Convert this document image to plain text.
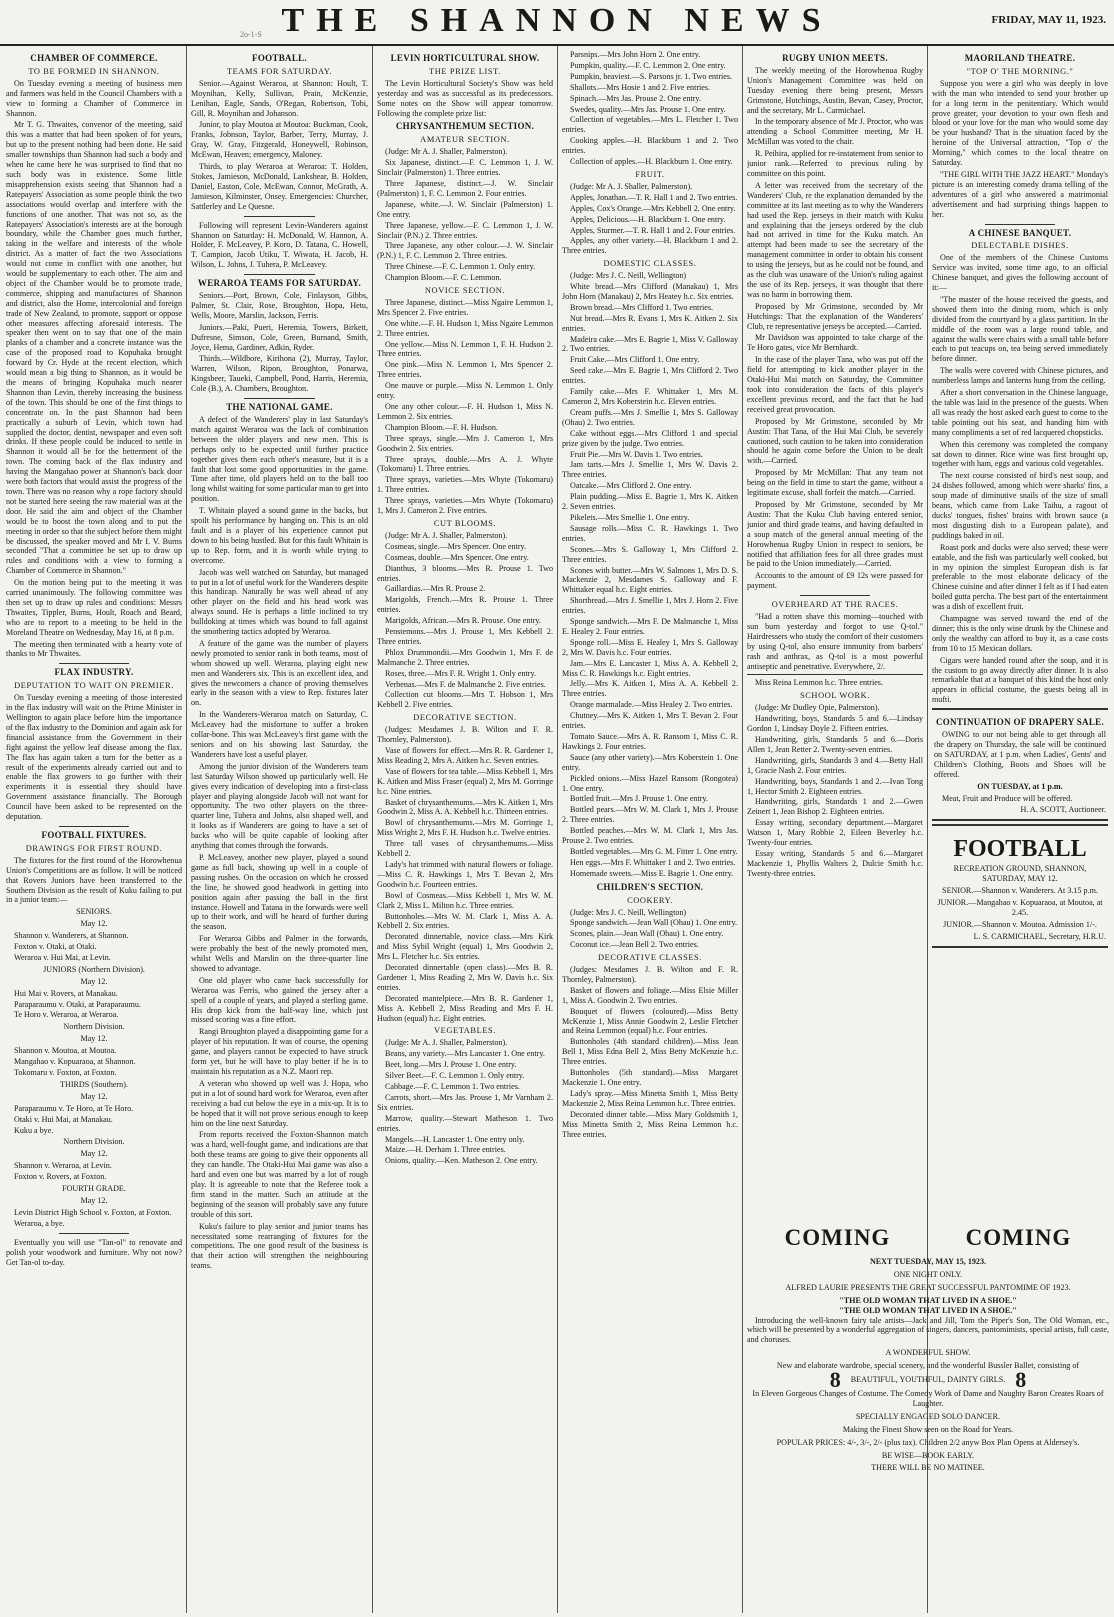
THE SHANNON NEWS	FRIDAY, MAY 11, 1923.
2o-1-S
CHAMBER OF COMMERCE.
TO BE FORMED IN SHANNON.

On Tuesday evening a meeting of business men and farmers was held in the Council Chambers with a view to forming a Chamber of Commerce in Shannon.

Mr T. G. Thwaites, convenor of the meeting, said this was a matter that had been spoken of for years, but up to the present nothing had been done. He said smaller townships than Shannon had such a body and when he came here he was surprised to find that no such body was in existence. Some little misapprehension exists seeing that Shannon had a Ratepayers' Association as some people think the two associations would overlap and interfere with the functions of one another. That was not so, as the Ratepayers' Association's interests are at the borough boundary, while the Chamber goes much further, taking in the welfare and interests of the whole district. As a matter of fact the two Associations would not come in conflict with one another, but would be supplementary to each other. The aim and object of the Chamber would be to promote trade, commerce, shipping and manufactures of Shannon and district, also the Home, intercolonial and foreign trade of New Zealand, to promote, support or oppose other measures affecting aforesaid interests. The speaker then went on to say that one of the main planks of a chamber and a concrete instance was the case of the proposed road to Kopuhaka brought forward by Cr. Hyde at the recent election, which would mean a big thing to Shannon, as it would be the means of bringing Kopuhaka much nearer Shannon than Levin, thereby increasing the business of the town. This should be one of the first things to concentrate on. In the past Shannon had been practically a suburb of Levin, which town had supplied the doctor, dentist, newspaper and even soft drinks. If these people could be induced to settle in Shannon it would all be for the betterment of the town. The coming back of the flax industry and having the Mangahao power at Shannon's back door were both factors that would assist the progress of the town. There was no reason why a rope factory should not be started here seeing the raw material was at the door. He said the aim and object of the Chamber would be to boost the town along and to put the meeting in order so that the subject before them might be discussed, the speaker moved and Mr I. V. Burns seconded "That a committee be set up to draw up rules and conditions with a view to forming a Chamber of Commerce in Shannon."

On the motion being put to the meeting it was carried unanimously. The following committee was then set up to draw up rules and conditions: Messrs Thwaites, Tippler, Burns, Hoult, Roach and Beard, who are to report to a meeting to be held in the Moreland Theatre on Wednesday, May 16, at 8 p.m.

The meeting then terminated with a hearty vote of thanks to Mr Thwaites.

FLAX INDUSTRY.
DEPUTATION TO WAIT ON PREMIER.

On Tuesday evening a meeting of those interested in the flax industry will wait on the Prime Minister in Wellington to again place before him the importance of the flax industry to the Dominion and again ask for financial assistance from the Government in their fight against the yellow leaf disease among the flax. The flax has again taken a turn for the better as a result of the experiments already carried out and to enable the flax growers to go further with their experiments it is essential they should have Government assistance financially. The Borough Council have been asked to be represented on the deputation.

FOOTBALL FIXTURES.
DRAWINGS FOR FIRST ROUND.

The fixtures for the first round of the Horowhenua Union's Competitions are as follow. It will be noticed that Rovers Juniors have been transferred to the Southern Division as the result of Kuku failing to put in a junior team:—

SENIORS.
May 12.
Shannon v. Wanderers, at Shannon.
Foxton v. Otaki, at Otaki.
Weraroa v. Hui Mai, at Levin.
JUNIORS (Northern Division).
May 12.
Hui Mai v. Rovers, at Manakau.
Paraparaumu v. Otaki, at Paraparaumu.
Te Horo v. Weraroa, at Weraroa.
Northern Division.
May 12.
Shannon v. Moutoa, at Moutoa.
Mangahao v. Kopuaraoa, at Shannon.
Tokomaru v. Foxton, at Foxton.
THIRDS (Southern).
May 12.
Paraparaumu v. Te Horo, at Te Horo.
Otaki v. Hui Mai, at Manakau.
Kuku a bye.
Northern Division.
May 12.
Shannon v. Weraroa, at Levin.
Foxton v. Rovers, at Foxton.
FOURTH GRADE.
May 12.
Levin District High School v. Foxton, at Foxton.
Weraroa, a bye.

Eventually you will use "Tan-ol" to renovate and polish your woodwork and furniture. Why not now? Get Tan-ol to-day.

FOOTBALL.
TEAMS FOR SATURDAY.

Senior.—Against Weraroa, at Shannon: Hoult, T. Moynihan, Kelly, Sullivan, Prain, McKenzie, Lenihan, Eagle, Sands, O'Regan, Robertson, Tobi, Gill, R. Moynihan and Johanson.

Junior, to play Moutoa at Moutoa: Buckman, Cook, Franks, Jobnson, Taylor, Barber, Terry, Murray, J. Gray, W. Gray, Fitzgerald, Honeywell, Robinson, McEwan, Heaven; emergency, Maloney.

Thirds, to play Weraroa at Weraroa: T. Holden, Stokes, Jamieson, McDonald, Lankshear, B. Holden, Daniel, Easton, Cole, McEwan, Connor, McGrath, A. Jamieson, Kilminster, Onsey. Emergencies: Churcher, Sattlerley and Le Quesne.

Following will represent Levin-Wanderers against Shannon on Saturday: H. McDonald, W. Hannon, A. Holder, F. McLeavey, P. Koro, D. Tatana, C. Howell, T. Campion, Jacob Utiku, T. Wiwata, H. Jacob, H. Wilson, L. Johns, J. Tuhera, P. McLeavey.

WERAROA TEAMS FOR SATURDAY.

Seniors.—Port, Brown, Cole, Finlayson, Gibbs, Palmer, St. Clair, Rose, Broughton, Hopa, Hetu, Wells, Moore, Marslin, Jackson, Ferris.

Juniors.—Paki, Pueri, Heremia, Towers, Birkett, Dufresne, Simson, Cole, Green, Burnand, Smith, Joyce, Hema, Gardiner, Adkin, Ryder.

Thirds.—Wildbore, Kirihona (2), Murray, Taylor, Warren, Wilson, Ripon, Broughton, Ponarwa, Kingsbeer, Taueki, Campbell, Pond, Harris, Heremia, Cole (B.), A. Chambers, Broughton.

THE NATIONAL GAME.

A defect of the Wanderers' play in last Saturday's match against Weraroa was the lack of combination between the older players and new men. This is perhaps only to be expected until further practice together gives them each other's measure, but it is a fault that lost some good opportunities in the game. Time after time, old players held on to the ball too long whilst waiting for some particular man to get into position.

T. Whitain played a sound game in the backs, but spoilt his performance by hanging on. This is an old fault and is a player of his experience cannot put down to his being hustled. But for this fault Whitain is up to Rep. form, and it is worth while trying to overcome.

Jacob was well watched on Saturday, but managed to put in a lot of useful work for the Wanderers despite this handicap. Naturally he was well ahead of any other player on the field and his head work was always sound. He is perhaps a little inclined to try bulldoking at times which was bound to fall against the smothering tactics adopted by Weraroa.

A feature of the game was the number of players newly promoted to senior rank in both teams, most of whom showed up well. Weraroa, playing eight new men and Wanderers six. This is an excellent idea, and gives the newcomers a chance of proving themselves early in the season with a view to Rep. fixtures later on.

In the Wanderers-Weraroa match on Saturday, C. McLeavey had the misfortune to suffer a broken collar-bone. This was McLeavey's first game with the seniors and on his showing last Saturday, the Wanderers have lost a useful player.

Among the junior division of the Wanderers team last Saturday Wilson showed up particularly well. He gives every indication of developing into a first-class player and playing alongside Jacob will not want for opportunity. The two other players on the three-quarter line, Tuhera and Johns, also shaped well, and it looks as if Wanderers are going to have a set of backs who will be quite capable of looking after anything that comes through the forwards.

P. McLeavey, another new player, played a sound game as full back, showing up well in a couple of passing rushes. On the occasion on which he crossed the line, he showed good headwork in getting into position again after passing the ball in the first instance. Howell and Tatana in the forwards were well up to their work, and will be heard of further during the season.

For Weraroa Gibbs and Palmer in the forwards, were probably the best of the newly promoted men, whilst Wells and Marslin on the three-quarter line showed to advantage.

One old player who came back successfully for Weraroa was Ferris, who gained the jersey after a spell of a couple of years, and played a sterling game. His drop kick from the half-way line, which just missed scoring was a fine effort.

Rangi Broughton played a disappointing game for a player of his reputation. It was of course, the opening game, and players cannot be expected to have struck form yet, but he will have to play better if he is to maintain his reputation as a N.Z. Maori rep.

A veteran who showed up well was J. Hopa, who put in a lot of sound hard work for Weraroa, even after receiving a bad cut below the eye in a mix-up. It is to be hoped that it will not prove serious enough to keep him on the line next Saturday.

From reports received the Foxton-Shannon match was a hard, well-fought game, and indications are that both these teams are going to give their opponents all they can handle. The Otaki-Hui Mai game was also a hard and even one but was marred by a lot of rough play. It is agreeable to note that the Referee took a firm stand in the matter. Such an attitude at the beginning of the season will probably save any future trouble of this sort.

Kuku's failure to play senior and junior teams has necessitated some rearranging of fixtures for the competitions. The one good result of the business is that their action will strengthen the neighbouring teams.

LEVIN HORTICULTURAL SHOW.
THE PRIZE LIST.

The Levin Horticultural Society's Show was held yesterday and was as successful as its predecessors. Some notes on the Show will appear tomorrow. Following the complete prize list:

CHRYSANTHEMUM SECTION.
AMATEUR SECTION.
(Judge: Mr A. J. Shaller, Palmerston).
Six Japanese, distinct.—F. C. Lemmon 1, J. W. Sinclair (Palmerston) 1. Three entries.
Three Japanese, distinct.—J. W. Sinclair (Palmerston) 1, F. C. Lemmon 2. Four entries.
Japanese, white.—J. W. Sinclair (Palmerston) 1. One entry.
Three Japanese, yellow.—F. C. Lemmon 1, J. W. Sinclair (P.N.) 2. Three entries.
Three Japanese, any other colour.—J. W. Sinclair (P.N.) 1, F. C. Lemmon 2. Three entries.
Three Chinese.—F. C. Lemmon 1. Only entry.
Champion Bloom.—F. C. Lemmon.
NOVICE SECTION.
Three Japanese, distinct.—Miss Ngaire Lemmon 1, Mrs Spencer 2. Five entries.
One white.—F. H. Hudson 1, Miss Ngaire Lemmon 2. Three entries.
One yellow.—Miss N. Lemmon 1, F. H. Hudson 2. Three entries.
One pink.—Miss N. Lemmon 1, Mrs Spencer 2. Three entries.
One mauve or purple.—Miss N. Lemmon 1. Only entry.
One any other colour.—F. H. Hudson 1, Miss N. Lemmon 2. Six entries.
Champion Bloom.—F. H. Hudson.
Three sprays, single.—Mrs J. Cameron 1, Mrs Goodwin 2. Six entries.
Three sprays, double.—Mrs A. J. Whyte (Tokomaru) 1. Three entries.
Three sprays, varieties.—Mrs Whyte (Tokomaru) 1. Three entries.
Three sprays, varieties.—Mrs Whyte (Tokomaru) 1, Mrs J. Cameron 2. Five entries.
CUT BLOOMS.
(Judge: Mr A. J. Shaller, Palmerston).
Cosmeas, single.—Mrs Spencer. One entry.
Cosmeas, double.—Mrs Spencer. One entry.
Dianthus, 3 blooms.—Mrs R. Prouse 1. Two entries.
Gaillardias.—Mrs R. Prouse 2.
Marigolds, French.—Mrs R. Prouse 1. Three entries.
Marigolds, African.—Mrs R. Prouse. One entry.
Penstemons.—Mrs J. Prouse 1, Mrs Kebbell 2. Three entries.
Phlox Drummondii.—Mrs Goodwin 1, Mrs F. de Malmanche 2. Three entries.
Roses, three.—Mrs F. R. Wright 1. Only entry.
Verbenas.—Mrs F. de Malmanche 2. Five entries.
Collection cut blooms.—Mrs T. Hobson 1, Mrs Kebbell 2. Five entries.
DECORATIVE SECTION.
(Judges: Mesdames J. B. Wilton and F. R. Thornley, Palmerston).
Vase of flowers for effect.—Mrs R. R. Gardener 1, Miss Reading 2, Mrs A. Aitken h.c. Seven entries.
Vase of flowers for tea table.—Miss Kebbell 1, Mrs K. Aitken and Miss Fraser (equal) 2, Mrs M. Gorringe h.c. Nine entries.
Basket of chrysanthemums.—Mrs K. Aitken 1, Mrs Goodwin 2, Miss A. A. Kebbell h.c. Thirteen entries.
Bowl of chrysanthemums.—Mrs M. Gorringe 1, Miss Wright 2, Mrs F. H. Hudson h.c. Twelve entries.
Three tall vases of chrysanthemums.—Miss Kebbell 2.
Lady's hat trimmed with natural flowers or foliage.—Miss C. R. Hawkings 1, Mrs T. Bevan 2, Mrs Goodwin h.c. Fourteen entries.
Bowl of Cosmeas.—Miss Kebbell 1, Mrs W. M. Clark 2, Miss L. Milton h.c. Three entries.
Buttonholes.—Mrs W. M. Clark 1, Miss A. A. Kebbell 2. Six entries.
Decorated dinnertable, novice class.—Mrs Kirk and Miss Sybil Wright (equal) 1, Mrs Goodwin 2, Mrs L. Fletcher h.c. Six entries.
Decorated dinnertable (open class).—Mrs B. R. Gardener 1, Miss Reading 2, Mrs W. Davis h.c. Six entries.
Decorated mantelpiece.—Mrs B. R. Gardener 1, Miss A. Kebbell 2, Miss Reading and Mrs F. H. Hudson (equal) h.c. Eight entries.
VEGETABLES.
(Judge: Mr A. J. Shaller, Palmerston).
Beans, any variety.—Mrs Lancaster 1. One entry.
Beet, long.—Mrs J. Prouse 1. One entry.
Silver Beet.—F. C. Lemmon 1. Only entry.
Cabbage.—F. C. Lemmon 1. Two entries.
Carrots, short.—Mrs Jas. Prouse 1, Mr Varnham 2. Six entries.
Marrow, quality.—Stewart Matheson 1. Two entries.
Mangels.—H. Lancaster 1. One entry only.
Maize.—H. Derham 1. Three entries.
Onions, quality.—Ken. Matheson 2. One entry.
Parsnips.—Mrs John Horn 2. One entry.
Pumpkin, quality.—F. C. Lemmon 2. One entry.
Pumpkin, heaviest.—S. Parsons jr. 1. Two entries.
Shallots.—Mrs Hosie 1 and 2. Five entries.
Spinach.—Mrs Jas. Prouse 2. One entry.
Swedes, quality.—Mrs Jas. Prouse 1. One entry.
Collection of vegetables.—Mrs L. Fletcher 1. Two entries.
Cooking apples.—H. Blackburn 1 and 2. Two entries.
Collection of apples.—H. Blackburn 1. One entry.
FRUIT.
(Judge: Mr A. J. Shaller, Palmerston).
Apples, Jonathan.—T. R. Hall 1 and 2. Two entries.
Apples, Cox's Orange.—Mrs Kebbell 2. One entry.
Apples, Delicious.—H. Blackburn 1. One entry.
Apples, Sturmer.—T. R. Hall 1 and 2. Four entries.
Apples, any other variety.—H. Blackburn 1 and 2. Three entries.
DOMESTIC CLASSES.
(Judge: Mrs J. C. Neill, Wellington)
White bread.—Mrs Clifford (Manakau) 1, Mrs John Horn (Manakau) 2, Mrs Heatey h.c. Six entries.
Brown bread.—Mrs Clifford 1. Two entries.
Nut bread.—Mrs R. Evans 1, Mrs K. Aitken 2. Six entries.
Madeira cake.—Mrs E. Bagrie 1, Miss V. Galloway 2. Two entries.
Fruit Cake.—Mrs Clifford 1. One entry.
Seed cake.—Mrs E. Bagrie 1, Mrs Clifford 2. Two entries.
Family cake.—Mrs F. Whittaker 1, Mrs M. Cameron 2, Mrs Koberstein h.c. Eleven entries.
Cream puffs.—Mrs J. Smellie 1, Mrs S. Galloway (Ohau) 2. Two entries.
Cake without eggs.—Mrs Clifford 1 and special prize given by the judge. Two entries.
Fruit Pie.—Mrs W. Davis 1. Two entries.
Jam tarts.—Mrs J. Smellie 1, Mrs W. Davis 2. Three entries.
Oatcake.—Mrs Clifford 2. One entry.
Plain pudding.—Miss E. Bagrie 1, Mrs K. Aitken 2. Seven entries.
Pikelets.—Mrs Smellie 1. One entry.
Sausage rolls.—Miss C. R. Hawkings 1. Two entries.
Scones.—Mrs S. Galloway 1, Mrs Clifford 2. Three entries.
Scones with butter.—Mrs W. Salmons 1, Mrs D. S. Mackenzie 2, Mesdames S. Galloway and F. Whittaker equal h.c. Eight entries.
Shortbread.—Mrs J. Smellie 1, Mrs J. Horn 2. Five entries.
Sponge sandwich.—Mrs F. De Malmanche 1, Miss E. Healey 2. Four entries.
Sponge roll.—Miss E. Healey 1, Mrs S. Galloway 2, Mrs W. Davis h.c. Four entries.
Jam.—Mrs E. Lancaster 1, Miss A. A. Kebbell 2, Miss C. R. Hawkings h.c. Eight entries.
Jelly.—Mrs K. Aitken 1, Miss A. A. Kebbell 2. Three entries.
Orange marmalade.—Miss Healey 2. Two entries.
Chutney.—Mrs K. Aitken 1, Mrs T. Bevan 2. Four entries.
Tomato Sauce.—Mrs A. R. Ransom 1, Miss C. R. Hawkings 2. Four entries.
Sauce (any other variety).—Mrs Koberstein 1. One entry.
Pickled onions.—Miss Hazel Ransom (Rongotea) 1. One entry.
Bottled fruit.—Mrs J. Prouse 1. One entry.
Bottled pears.—Mrs W. M. Clark 1, Mrs J. Prouse 2. Three entries.
Bottled peaches.—Mrs W. M. Clark 1, Mrs Jas. Prouse 2. Two entries.
Bottled vegetables.—Mrs G. M. Fitter 1. One entry.
Hen eggs.—Mrs F. Whittaker 1 and 2. Two entries.
Homemade sweets.—Miss E. Bagrie 1. One entry.
CHILDREN'S SECTION.
COOKERY.
(Judge: Mrs J. C. Neill, Wellington)
Sponge sandwich.—Jean Wall (Ohau) 1. One entry.
Scones, plain.—Jean Wall (Ohau) 1. One entry.
Coconut ice.—Jean Bell 2. Two entries.
DECORATIVE CLASSES.
(Judges: Mesdames J. B. Wilton and F. R. Thornley, Palmerston).
Basket of flowers and foliage.—Miss Elsie Miller 1, Miss A. Goodwin 2. Two entries.
Bouquet of flowers (coloured).—Miss Betty McKenzie 1, Miss Annie Goodwin 2, Leslie Fletcher and Reina Lemmon (equal) h.c. Four entries.
Buttonholes (4th standard children).—Miss Jean Bell 1, Miss Edna Bell 2, Miss Betty McKenzie h.c. Three entries.
Buttonholes (5th standard).—Miss Margaret Mackenzie 1. One entry.
Lady's spray.—Miss Minetta Smith 1, Miss Betty Mackenzie 2, Miss Reina Lemmon h.c. Three entries.
Decorated dinner table.—Miss Mary Goldsmith 1, Miss Minetta Smith 2, Miss Reina Lemmon h.c. Three entries.
RUGBY UNION MEETS.

The weekly meeting of the Horowhenua Rugby Union's Management Committee was held on Tuesday evening there being present, Messrs Grimstone, Hutchings, Austin, Bevan, Casey, Proctor, and the secretary, Mr L. Carmichael.

In the temporary absence of Mr J. Proctor, who was attending a School Committee meeting, Mr H. McMillan was voted to the chair.

R. Peihira, applied for re-instatement from senior to junior rank.—Referred to previous ruling by committee on this point.

A letter was received from the secretary of the Wanderers' Club, re the explanation demanded by the committee at its last meeting as to why the Wanderers had used the Rep. jerseys in their match with Kuku and explaining that the jerseys ordered by the club had not arrived in time for the Kuku match. An attempt had been made to see the secretary of the management committee in order to obtain his consent to using the jerseys, but as he could not be found, and as the club was unaware of the Union's ruling against the use of its Rep. jerseys, it was thought that there was no harm in borrowing them.

Proposed by Mr Grimstone, seconded by Mr Hutchings: That the explanation of the Wanderers' Club, re representative jerseys be accepted.—Carried.

Mr Davidson was appointed to take charge of the Te Horo gates, vice Mr Bernhardt.

In the case of the player Tana, who was put off the field for attempting to kick another player in the Otaki-Hui Mai match on Saturday, the Committee took into consideration the facts of this player's excellent previous record, and the fact that he had received great provocation.

Proposed by Mr Grimstone, seconded by Mr Austin: That Tana, of the Hui Mai Club, be severely cautioned, such caution to be taken into consideration should he again come before the Union to be dealt with.—Carried.

Proposed by Mr McMillan: That any team not being on the field in time to start the game, without a legitimate excuse, shall forfeit the match.—Carried.

Proposed by Mr Grimstone, seconded by Mr Austin: That the Kuku Club having entered senior, junior and third grade teams, and having defaulted in a soup match of the general annual meeting of the Horowhenua Rugby Union in respect to seniors, be notified that affiliation fees for all three grades must be paid to the Union immediately.—Carried.

Accounts to the amount of £9 12s were passed for payment.

OVERHEARD AT THE RACES.

"Had a rotten shave this morning—touched with sun burn yesterday and forgot to use Q-tol." Hairdressers who study the comfort of their customers by using Q-tol, also ensure immunity from barbers' rash and anthrax, as Q-tol is a most powerful antiseptic and penetrative. Everywhere, 2/.

Miss Reina Lemmon h.c. Three entries.

SCHOOL WORK.
(Judge: Mr Dudley Opie, Palmerston).
Handwriting, boys, Standards 5 and 6.—Lindsay Gordon 1, Lindsay Doyle 2. Fifteen entries.
Handwriting, girls, Standards 5 and 6.—Doris Allen 1, Jean Retter 2. Twenty-seven entries.
Handwriting, girls, Standards 3 and 4.—Betty Hall 1, Gracie Nash 2. Four entries.
Handwriting, boys, Standards 1 and 2.—Ivan Tong 1, Hector Smith 2. Eighteen entries.
Handwriting, girls, Standards 1 and 2.—Gwen Zeinert 1, Jean Bishop 2. Eighteen entries.
Essay writing, secondary department.—Margaret Watson 1, Mary Robbie 2, Eileen Beverley h.c. Twenty-four entries.
Essay writing, Standards 5 and 6.—Margaret Mackenzie 1, Phyllis Walters 2, Dulcie Smith h.c. Twenty-three entries.
MAORILAND THEATRE.
"TOP O' THE MORNING."

Suppose you were a girl who was deeply in love with the man who intended to send your brother up for a long term in the penitentiary. Which would prove greater, your devotion to your own flesh and blood or your love for the man who would some day be your husband? That is the situation faced by the heroine of the Universal attraction, "Top o' the Morning," which comes to the local theatre on Saturday.

"THE GIRL WITH THE JAZZ HEART." Monday's picture is an interesting comedy drama telling of the adventures of a girl who answered a matrimonial advertisement and had surprising things happen to her.

A CHINESE BANQUET.
DELECTABLE DISHES.

One of the members of the Chinese Customs Service was invited, some time ago, to an official Chinese banquet, and gives the following account of it:—

"The master of the house received the guests, and showed them into the dining room, which is only divided from the courtyard by a glass partition. In the middle of the room was a large round table, and against the walls were chairs with a small table before each to put teacups on, tea being served immediately before dinner.

The walls were covered with Chinese pictures, and numberless lamps and lanterns hung from the ceiling.

After a short conversation in the Chinese language, the table was laid in the presence of the guests. When all was ready the host asked each guest to come to the table pointing out his seat, and handing him with many compliments a set of red lacquered chopsticks.

When this ceremony was completed the company sat down to dinner. Rice wine was first brought up, together with ham, eggs and various cold vegetables.

The next course consisted of bird's nest soup, and 24 dishes followed, among which were sharks' fins, a soup made of diminutive snails of the size of small beans, which came from Lake Taihu, a ragout of ducks' tongues, fishes' brains with brown sauce (a most disgusting dish to a European palate), and puddings baked in oil.

Roast pork and ducks were also served; these were eatable, and the fish was particularly well cooked, but in my opinion the simplest European dish is far preferable to the most elaborate delicacy of the Chinese cuisine and after dinner I felt as if I had eaten boiled gutta percha. The best part of the entertainment was a dish of excellent fruit.

Champagne was served toward the end of the dinner; this is the only wine drunk by the Chinese and only the wealthy can afford to buy it, as a case costs from 10 to 15 Mexican dollars.

Cigars were handed round after the soup, and it is the custom to go away directly after dinner. It is also remarkable that at a banquet of this kind the host only appears in official costume, the guests being all in mufti.

CONTINUATION OF DRAPERY SALE.

OWING to our not being able to get through all the drapery on Thursday, the sale will be continued on SATURDAY, at 1 p.m. when Ladies', Gents' and Children's Clothing, Boots and Shoes will be offered.

ON TUESDAY, at 1 p.m.

Meat, Fruit and Produce will be offered.

H. A. SCOTT, Auctioneer.
FOOTBALL
RECREATION GROUND, SHANNON, SATURDAY, MAY 12.
SENIOR.—Shannon v. Wanderers. At 3.15 p.m.
JUNIOR.—Mangahao v. Kopuaraoa, at Moutoa, at 2.45.
JUNIOR.—Shannon v. Moutoa. Admission 1/-.
L. S. CARMICHAEL, Secretary, H.R.U.
COMING	COMING
NEXT TUESDAY, MAY 15, 1923.
ONE NIGHT ONLY.
ALFRED LAURIE PRESENTS THE GREAT SUCCESSFUL PANTOMIME OF 1923.
"THE OLD WOMAN THAT LIVED IN A SHOE."
"THE OLD WOMAN THAT LIVED IN A SHOE."

Introducing the well-known fairy tale artists—Jack and Jill, Tom the Piper's Son, The Old Woman, etc., which will be presented by a wonderful aggregation of singers, dancers, pantomimists, special artists, full caste, and choruses.

A WONDERFUL SHOW.
New and elaborate wardrobe, special scenery, and the wonderful Bussler Ballet, consisting of
8 BEAUTIFUL, YOUTHFUL, DAINTY GIRLS. 8
In Eleven Gorgeous Changes of Costume. The Comedy Work of Dame and Naughty Baron Creates Roars of Laughter.
SPECIALLY ENGAGED SOLO DANCER.
Making the Finest Show seen on the Road for Years.
POPULAR PRICES: 4/-, 3/-, 2/- (plus tax). Children 2/2 anyw Box Plan Opens at Aldersey's.
BE WISE—BOOK EARLY.
THERE WILL BE NO MATINEE.
